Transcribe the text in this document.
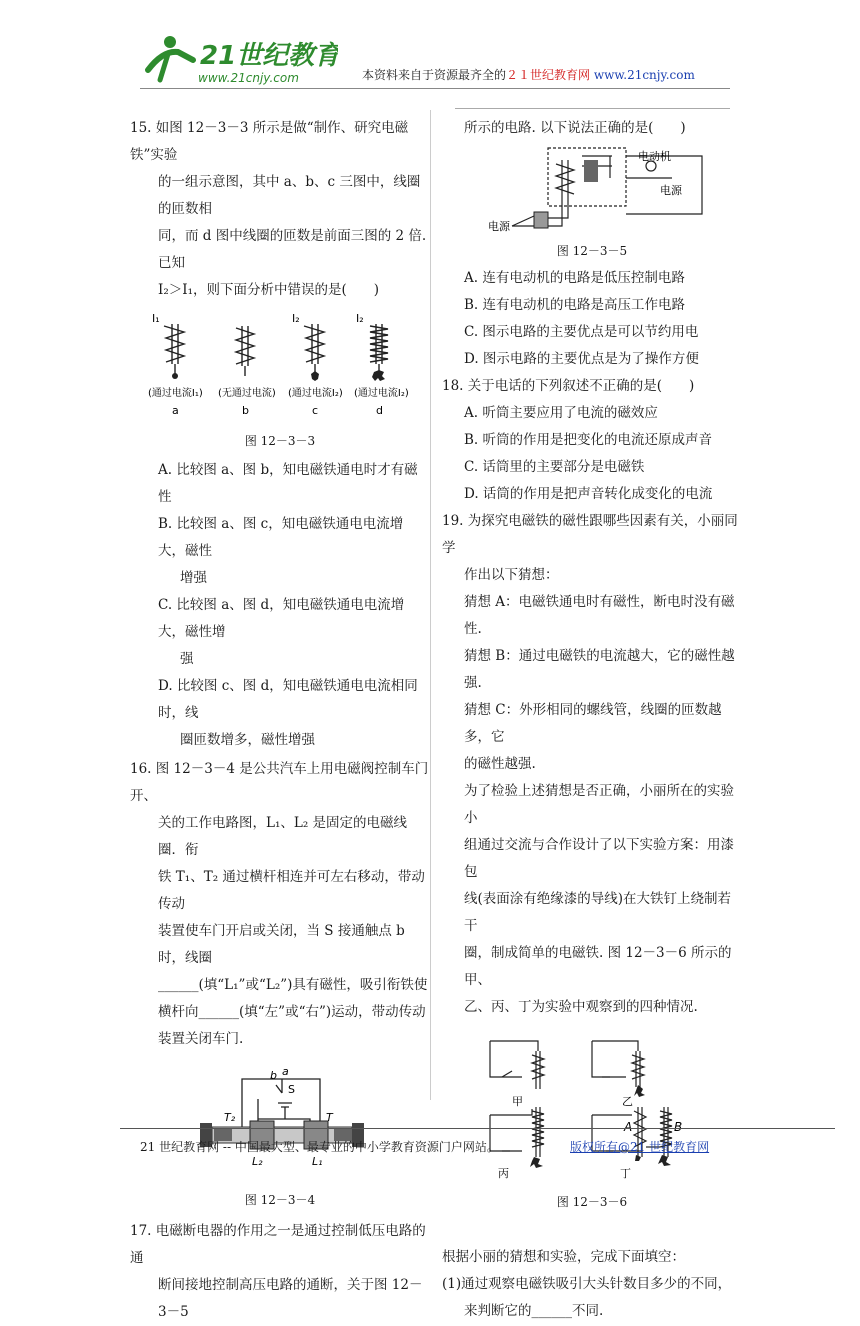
21世纪教育
www.21cnjy.com	本资料来自于资源最齐全的２１世纪教育网 www.21cnjy.com

15. 如图 12－3－3 所示是做“制作、研究电磁铁”实验

的一组示意图，其中 a、b、c 三图中，线圈的匝数相

同，而 d 图中线圈的匝数是前面三图的 2 倍. 已知

I₂＞I₁，则下面分析中错误的是(　　)

I₁	I₂	I₂
(通过电流I₁) (无通过电流) (通过电流I₂) (通过电流I₂)
a	b	c	d

图 12－3－3

A. 比较图 a、图 b，知电磁铁通电时才有磁性

B. 比较图 a、图 c，知电磁铁通电电流增大，磁性

增强

C. 比较图 a、图 d，知电磁铁通电电流增大，磁性增

强

D. 比较图 c、图 d，知电磁铁通电电流相同时，线

圈匝数增多，磁性增强

16. 图 12－3－4 是公共汽车上用电磁阀控制车门开、

关的工作电路图，L₁、L₂ 是固定的电磁线圈．衔

铁 T₁、T₂ 通过横杆相连并可左右移动，带动传动

装置使车门开启或关闭，当 S 接通触点 b 时，线圈

______(填“L₁”或“L₂”)具有磁性，吸引衔铁使

横杆向______(填“左”或“右”)运动，带动传动

装置关闭车门.

b a
S
T₂	T
L₂	L₁

图 12－3－4

17. 电磁断电器的作用之一是通过控制低压电路的通

断间接地控制高压电路的通断，关于图 12－3－5

所示的电路. 以下说法正确的是(　　)

电动机
电源
电源

图 12－3－5

A. 连有电动机的电路是低压控制电路

B. 连有电动机的电路是高压工作电路

C. 图示电路的主要优点是可以节约用电

D. 图示电路的主要优点是为了操作方便

18. 关于电话的下列叙述不正确的是(　　)

A. 听筒主要应用了电流的磁效应

B. 听筒的作用是把变化的电流还原成声音

C. 话筒里的主要部分是电磁铁

D. 话筒的作用是把声音转化成变化的电流

19. 为探究电磁铁的磁性跟哪些因素有关，小丽同学

作出以下猜想：

猜想 A：电磁铁通电时有磁性，断电时没有磁性.

猜想 B：通过电磁铁的电流越大，它的磁性越强.

猜想 C：外形相同的螺线管，线圈的匝数越多，它

的磁性越强.

为了检验上述猜想是否正确，小丽所在的实验小

组通过交流与合作设计了以下实验方案：用漆包

线(表面涂有绝缘漆的导线)在大铁钉上绕制若干

圈，制成简单的电磁铁. 图 12－3－6 所示的甲、

乙、丙、丁为实验中观察到的四种情况.

甲	乙
丙	丁
A	B

图 12－3－6

根据小丽的猜想和实验，完成下面填空：

(1)通过观察电磁铁吸引大头针数目多少的不同，

来判断它的______不同.

21 世纪教育网 -- 中国最大型、最专业的中小学教育资源门户网站。	版权所有@21 世纪教育网
